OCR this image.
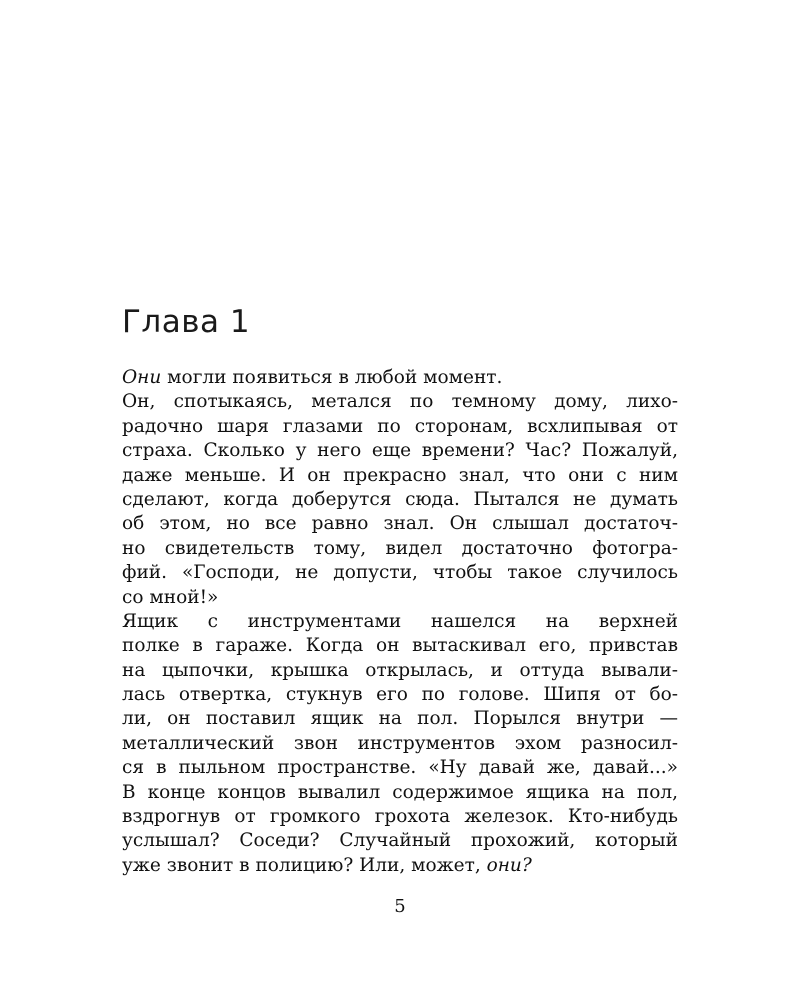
Глава 1
Они могли появиться в любой момент.
Он, спотыкаясь, метался по темному дому, лихо-
радочно шаря глазами по сторонам, всхлипывая от
страха. Сколько у него еще времени? Час? Пожалуй,
даже меньше. И он прекрасно знал, что они с ним
сделают, когда доберутся сюда. Пытался не думать
об этом, но все равно знал. Он слышал достаточ-
но свидетельств тому, видел достаточно фотогра-
фий. «Господи, не допусти, чтобы такое случилось
со мной!»
Ящик с инструментами нашелся на верхней
полке в гараже. Когда он вытаскивал его, привстав
на цыпочки, крышка открылась, и оттуда вывали-
лась отвертка, стукнув его по голове. Шипя от бо-
ли, он поставил ящик на пол. Порылся внутри —
металлический звон инструментов эхом разносил-
ся в пыльном пространстве. «Ну давай же, давай...»
В конце концов вывалил содержимое ящика на пол,
вздрогнув от громкого грохота железок. Кто-нибудь
услышал? Соседи? Случайный прохожий, который
уже звонит в полицию? Или, может, они?
5
